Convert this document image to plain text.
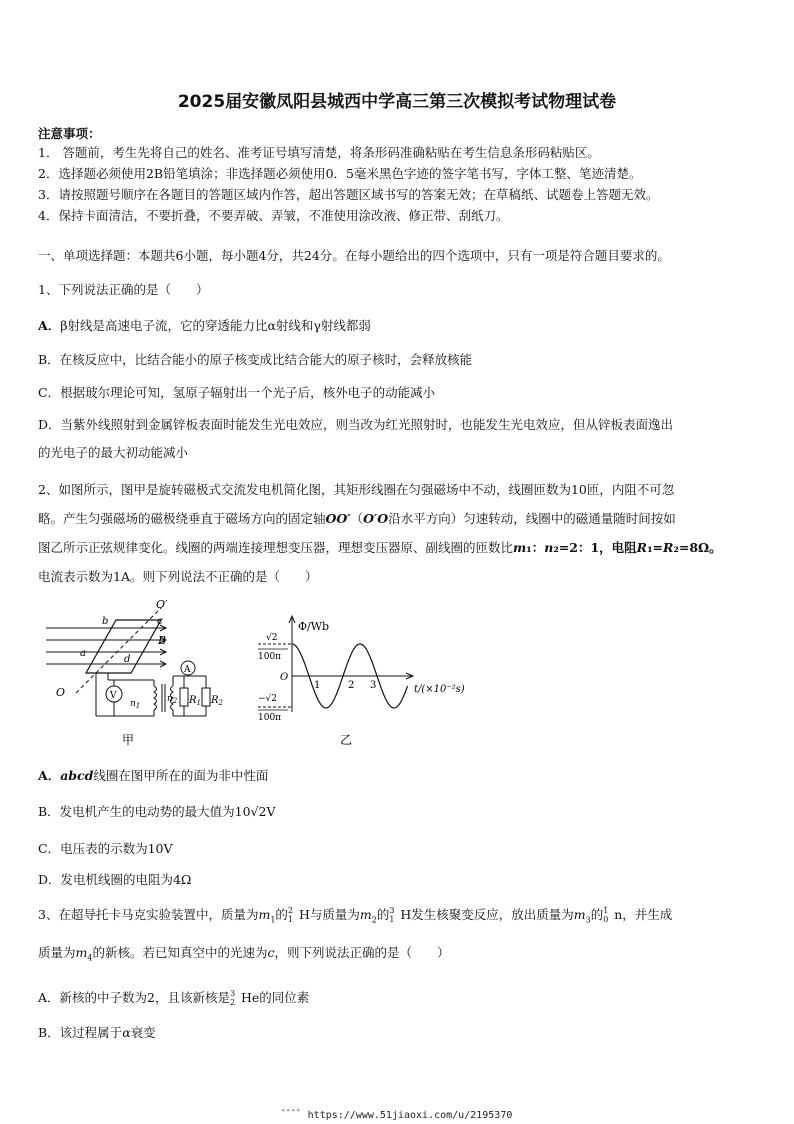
2025届安徽凤阳县城西中学高三第三次模拟考试物理试卷
注意事项：
1． 答题前，考生先将自己的姓名、准考证号填写清楚，将条形码准确粘贴在考生信息条形码粘贴区。
2．选择题必须使用2B铅笔填涂；非选择题必须使用0．5毫米黑色字迹的签字笔书写，字体工整、笔迹清楚。
3．请按照题号顺序在各题目的答题区域内作答，超出答题区域书写的答案无效；在草稿纸、试题卷上答题无效。
4．保持卡面清洁，不要折叠，不要弄破、弄皱，不准使用涂改液、修正带、刮纸刀。
一、单项选择题：本题共6小题，每小题4分，共24分。在每小题给出的四个选项中，只有一项是符合题目要求的。
1、下列说法正确的是（　　）
A．β射线是高速电子流，它的穿透能力比α射线和γ射线都弱
B．在核反应中，比结合能小的原子核变成比结合能大的原子核时，会释放核能
C．根据玻尔理论可知，氢原子辐射出一个光子后，核外电子的动能减小
D．当紫外线照射到金属锌板表面时能发生光电效应，则当改为红光照射时，也能发生光电效应，但从锌板表面逸出
的光电子的最大初动能减小
2、如图所示，图甲是旋转磁极式交流发电机简化图，其矩形线圈在匀强磁场中不动，线圈匝数为10匝，内阻不可忽
略。产生匀强磁场的磁极绕垂直于磁场方向的固定轴OO′（O′O沿水平方向）匀速转动，线圈中的磁通量随时间按如
图乙所示正弦规律变化。线圈的两端连接理想变压器，理想变压器原、副线圈的匝数比m₁：n₂=2：1，电阻R₁=R₂=8Ω。
电流表示数为1A。则下列说法不正确的是（　　）
O′
c
b
B
a
d
O
A
V
$n_1$
$n_2$ $R_1$ $R_2$
甲
Φ/Wb
√2
100π
−√2
100π
O
1	2 3	t/(×10⁻²s)
乙
A．abcd线圈在图甲所在的面为非中性面
B．发电机产生的电动势的最大值为10√2V
C．电压表的示数为10V
D．发电机线圈的电阻为4Ω
3、在超导托卡马克实验装置中，质量为$m_1$的 2
1 H与质量为$m_2$的 3
1 H发生核聚变反应，放出质量为$m_3$的 1
0 n，并生成
质量为$m_4$的新核。若已知真空中的光速为c，则下列说法正确的是（　　）
A．新核的中子数为2，且该新核是 3
2 He的同位素
B．该过程属于α衰变
ﾞﾞﾞﾞ https://www.51jiaoxi.com/u/2195370
